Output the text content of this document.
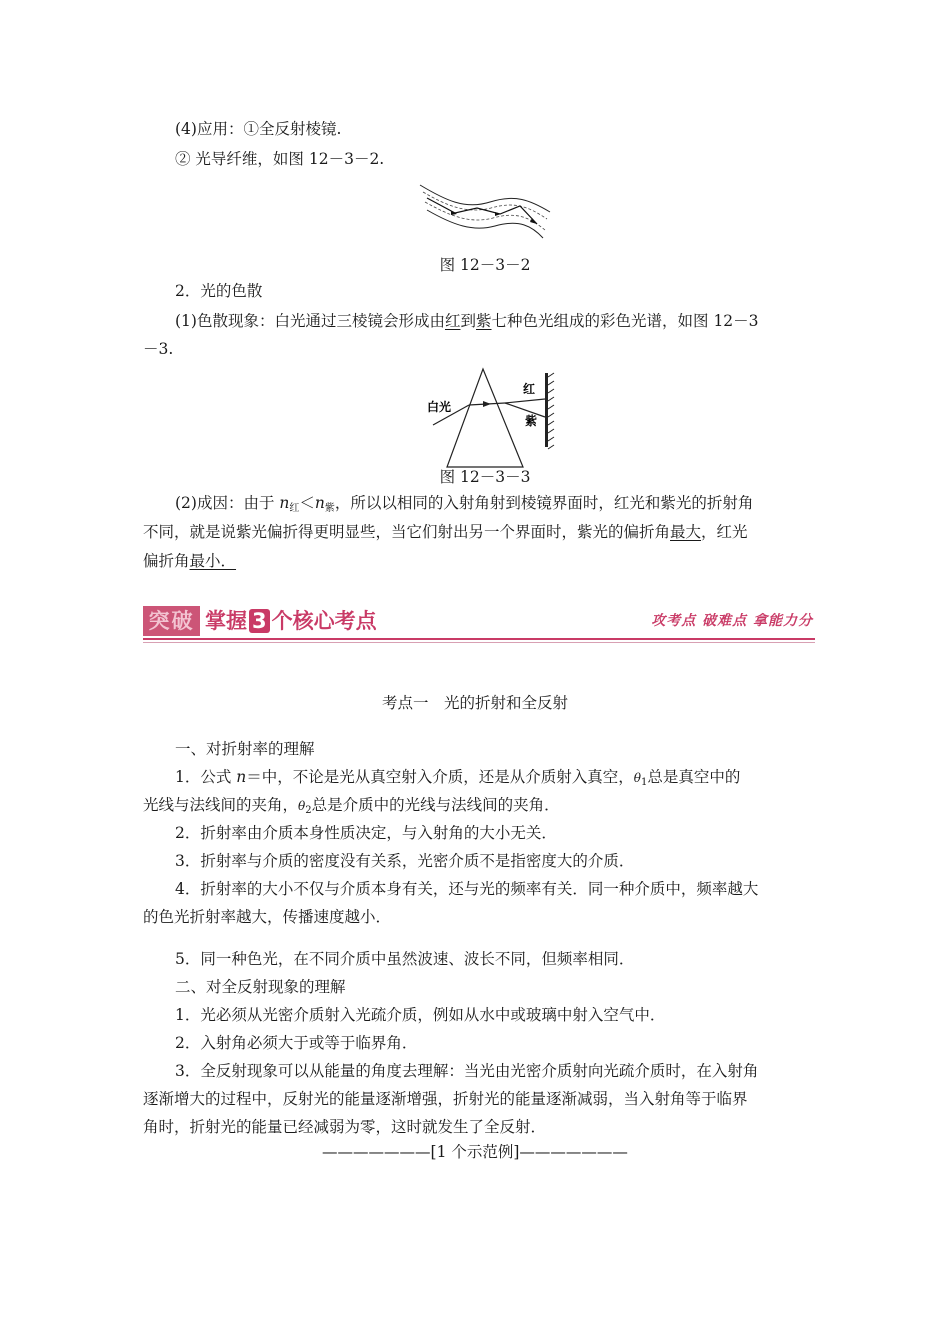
(4)应用：①全反射棱镜.
② 光导纤维，如图 12－3－2.
图 12－3－2
2．光的色散
(1)色散现象：白光通过三棱镜会形成由红到紫七种色光组成的彩色光谱，如图 12－3
－3.
白光
红
紫
图 12－3－3
(2)成因：由于 n红＜n紫，所以以相同的入射角射到棱镜界面时，红光和紫光的折射角
不同，就是说紫光偏折得更明显些，当它们射出另一个界面时，紫光的偏折角最大，红光
偏折角最小．
突破 掌握 3 个核心考点	攻考点 破难点 拿能力分
考点一　光的折射和全反射
一、对折射率的理解
1．公式 n＝中，不论是光从真空射入介质，还是从介质射入真空，θ1总是真空中的
光线与法线间的夹角，θ2总是介质中的光线与法线间的夹角．
2．折射率由介质本身性质决定，与入射角的大小无关．
3．折射率与介质的密度没有关系，光密介质不是指密度大的介质．
4．折射率的大小不仅与介质本身有关，还与光的频率有关．同一种介质中，频率越大
的色光折射率越大，传播速度越小．
5．同一种色光，在不同介质中虽然波速、波长不同，但频率相同．
二、对全反射现象的理解
1．光必须从光密介质射入光疏介质，例如从水中或玻璃中射入空气中．
2．入射角必须大于或等于临界角．
3．全反射现象可以从能量的角度去理解：当光由光密介质射向光疏介质时，在入射角
逐渐增大的过程中，反射光的能量逐渐增强，折射光的能量逐渐减弱，当入射角等于临界
角时，折射光的能量已经减弱为零，这时就发生了全反射．
———————[1 个示范例]———————
